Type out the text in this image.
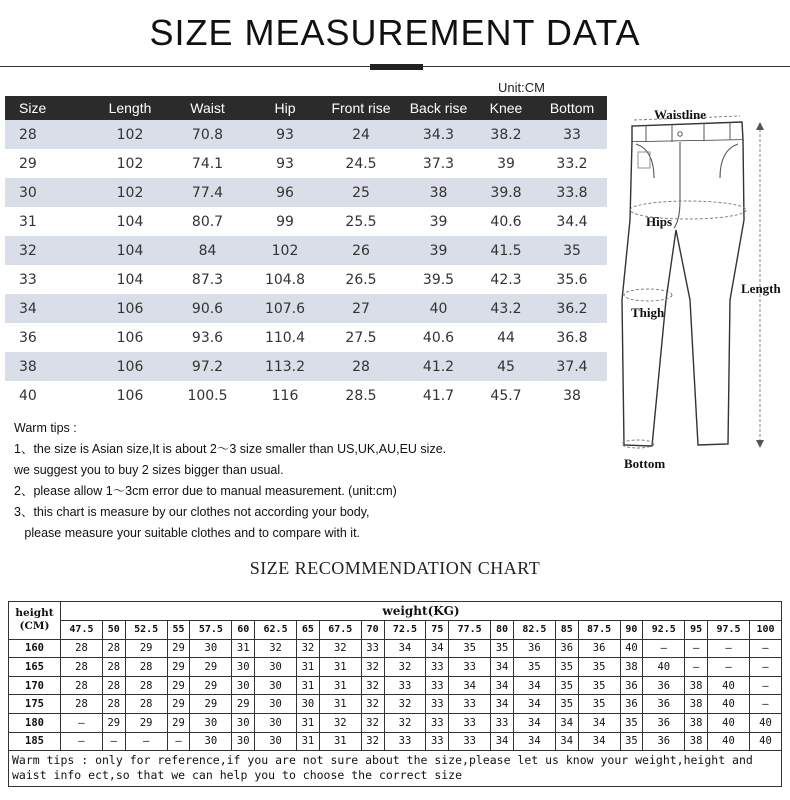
SIZE MEASUREMENT DATA
Unit:CM
Size	Length	Waist	Hip	Front rise	Back rise	Knee	Bottom
28	102	70.8	93	24	34.3	38.2	33
29	102	74.1	93	24.5	37.3	39	33.2
30	102	77.4	96	25	38	39.8	33.8
31	104	80.7	99	25.5	39	40.6	34.4
32	104	84	102	26	39	41.5	35
33	104	87.3	104.8	26.5	39.5	42.3	35.6
34	106	90.6	107.6	27	40	43.2	36.2
36	106	93.6	110.4	27.5	40.6	44	36.8
38	106	97.2	113.2	28	41.2	45	37.4
40	106	100.5	116	28.5	41.7	45.7	38
Warm tips :
1、the size is Asian size,It is about 2～3 size smaller than US,UK,AU,EU size.
we suggest you to buy 2 sizes bigger than usual.
2、please allow 1～3cm error due to manual measurement. (unit:cm)
3、this chart is measure by our clothes not according your body,
please measure your suitable clothes and to compare with it.
Waistline
Hips
Length
Thigh
Bottom
SIZE RECOMMENDATION CHART
height
(CM)	weight(KG)																					
	47.5	50	52.5	55	57.5	60	62.5	65	67.5	70	72.5	75	77.5	80	82.5	85	87.5	90	92.5	95	97.5	100
160	28	28	29	29	30	31	32	32	32	33	34	34	35	35	36	36	36	40	—	—	—	—
165	28	28	28	29	29	30	30	31	31	32	32	33	33	34	35	35	35	38	40	—	—	—
170	28	28	28	29	29	30	30	31	31	32	33	33	34	34	34	35	35	36	36	38	40	—
175	28	28	28	29	29	29	30	30	31	32	32	33	33	34	34	35	35	36	36	38	40	—
180	—	29	29	29	30	30	30	31	32	32	32	33	33	33	34	34	34	35	36	38	40	40
185	—	—	—	—	30	30	30	31	31	32	33	33	33	34	34	34	34	35	36	38	40	40
Warm tips : only for reference,if you are not sure about the size,please let us know your weight,height and waist info ect,so that we can help you to choose the correct size																						
